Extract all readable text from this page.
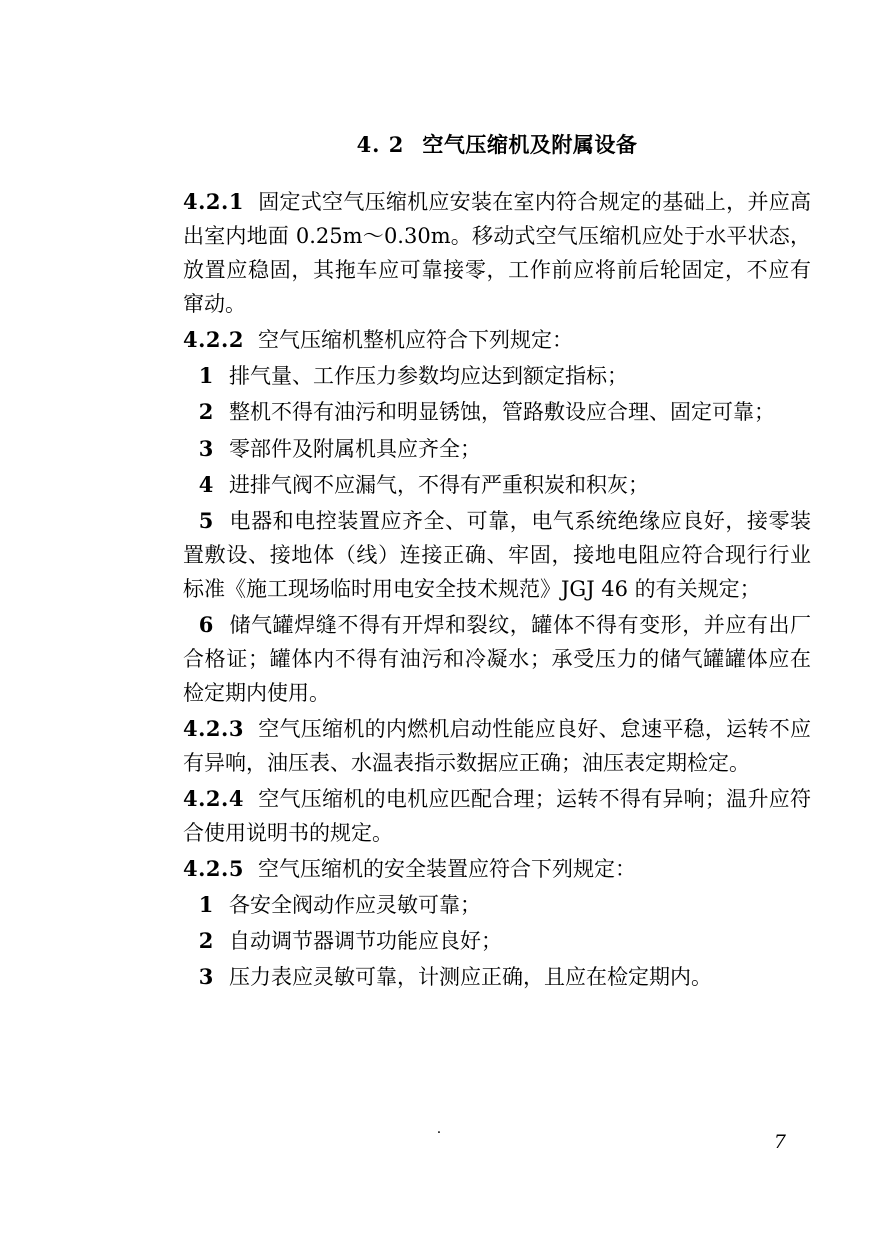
4. 2 空气压缩机及附属设备

4.2.1 固定式空气压缩机应安装在室内符合规定的基础上，并应高出室内地面 0.25m～0.30m。移动式空气压缩机应处于水平状态，放置应稳固，其拖车应可靠接零，工作前应将前后轮固定，不应有窜动。

4.2.2 空气压缩机整机应符合下列规定：

1 排气量、工作压力参数均应达到额定指标；

2 整机不得有油污和明显锈蚀，管路敷设应合理、固定可靠；

3 零部件及附属机具应齐全；

4 进排气阀不应漏气，不得有严重积炭和积灰；

5 电器和电控装置应齐全、可靠，电气系统绝缘应良好，接零装置敷设、接地体（线）连接正确、牢固，接地电阻应符合现行行业标准《施工现场临时用电安全技术规范》JGJ 46 的有关规定；

6 储气罐焊缝不得有开焊和裂纹，罐体不得有变形，并应有出厂合格证；罐体内不得有油污和冷凝水；承受压力的储气罐罐体应在检定期内使用。

4.2.3 空气压缩机的内燃机启动性能应良好、怠速平稳，运转不应有异响，油压表、水温表指示数据应正确；油压表定期检定。

4.2.4 空气压缩机的电机应匹配合理；运转不得有异响；温升应符合使用说明书的规定。

4.2.5 空气压缩机的安全装置应符合下列规定：

1 各安全阀动作应灵敏可靠；

2 自动调节器调节功能应良好；

3 压力表应灵敏可靠，计测应正确，且应在检定期内。

.
7
